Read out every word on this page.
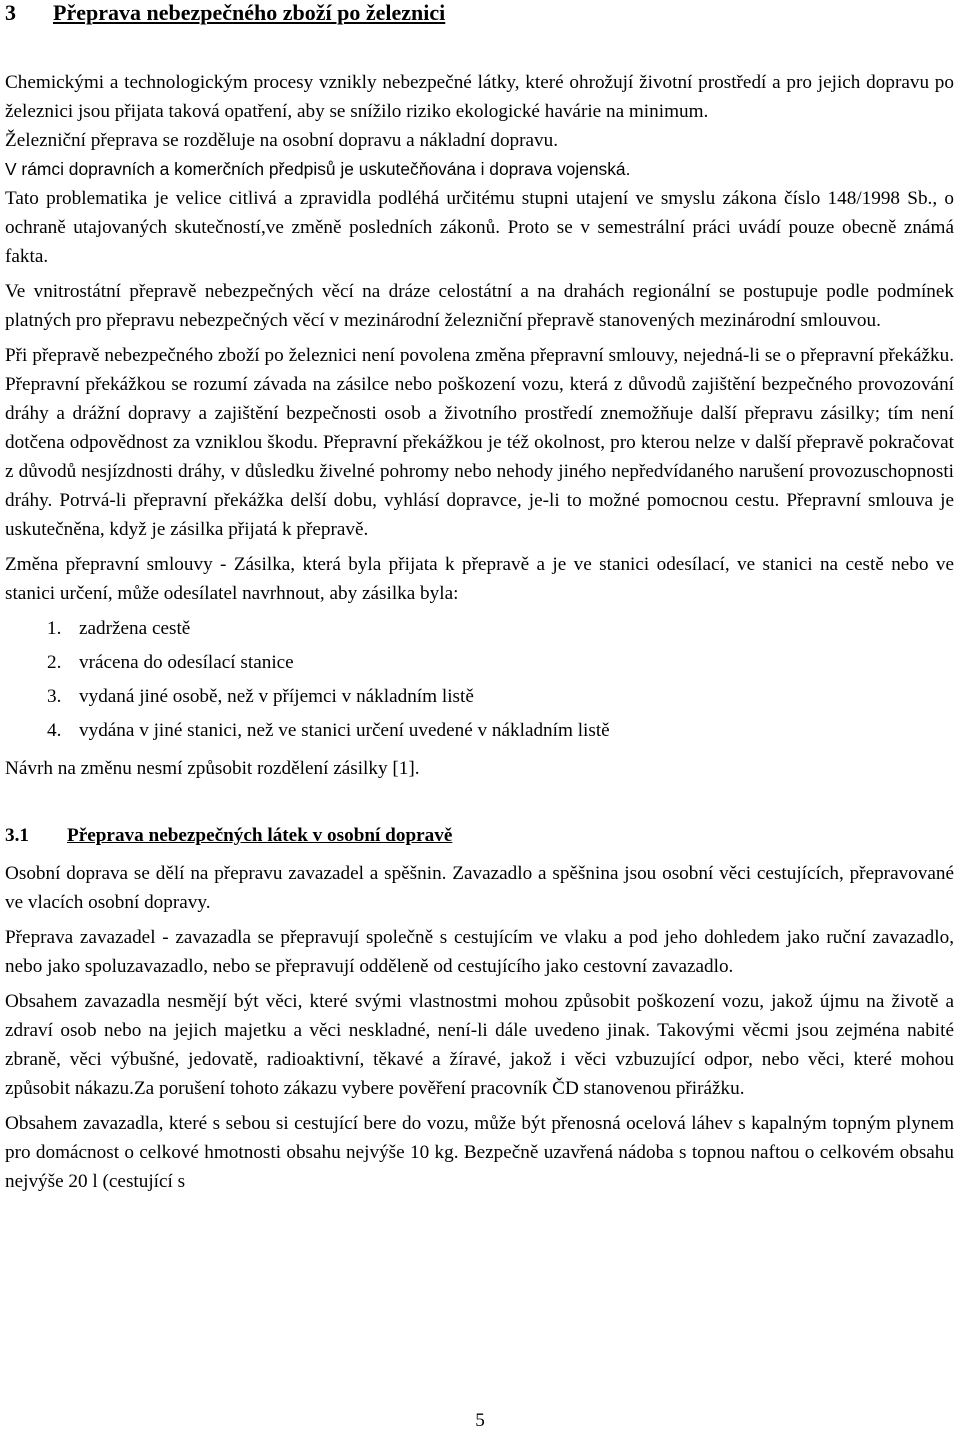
3 Přeprava nebezpečného zboží po železnici

Chemickými a technologickým procesy vznikly nebezpečné látky, které ohrožují životní prostředí a pro jejich dopravu po železnici jsou přijata taková opatření, aby se snížilo riziko ekologické havárie na minimum.

Železniční přeprava se rozděluje na osobní dopravu a nákladní dopravu.

V rámci dopravních a komerčních předpisů je uskutečňována i doprava vojenská.

Tato problematika je velice citlivá a zpravidla podléhá určitému stupni utajení ve smyslu zákona číslo 148/1998 Sb., o ochraně utajovaných skutečností,ve změně posledních zákonů. Proto se v semestrální práci uvádí pouze obecně známá fakta.

Ve vnitrostátní přepravě nebezpečných věcí na dráze celostátní a na drahách regionální se postupuje podle podmínek platných pro přepravu nebezpečných věcí v mezinárodní železniční přepravě stanovených mezinárodní smlouvou.

Při přepravě nebezpečného zboží po železnici není povolena změna přepravní smlouvy, nejedná-li se o přepravní překážku. Přepravní překážkou se rozumí závada na zásilce nebo poškození vozu, která z důvodů zajištění bezpečného provozování dráhy a drážní dopravy a zajištění bezpečnosti osob a životního prostředí znemožňuje další přepravu zásilky; tím není dotčena odpovědnost za vzniklou škodu. Přepravní překážkou je též okolnost, pro kterou nelze v další přepravě pokračovat z důvodů nesjízdnosti dráhy, v důsledku živelné pohromy nebo nehody jiného nepředvídaného narušení provozuschopnosti dráhy. Potrvá-li přepravní překážka delší dobu, vyhlásí dopravce, je-li to možné pomocnou cestu. Přepravní smlouva je uskutečněna, když je zásilka přijatá k přepravě.

Změna přepravní smlouvy - Zásilka, která byla přijata k přepravě a je ve stanici odesílací, ve stanici na cestě nebo ve stanici určení, může odesílatel navrhnout, aby zásilka byla:

1. zadržena cestě
2. vrácena do odesílací stanice
3. vydaná jiné osobě, než v příjemci v nákladním listě
4. vydána v jiné stanici, než ve stanici určení uvedené v nákladním listě

Návrh na změnu nesmí způsobit rozdělení zásilky [1].

3.1 Přeprava nebezpečných látek v osobní dopravě

Osobní doprava se dělí na přepravu zavazadel a spěšnin. Zavazadlo a spěšnina jsou osobní věci cestujících, přepravované ve vlacích osobní dopravy.

Přeprava zavazadel - zavazadla se přepravují společně s cestujícím ve vlaku a pod jeho dohledem jako ruční zavazadlo, nebo jako spoluzavazadlo, nebo se přepravují odděleně od cestujícího jako cestovní zavazadlo.

Obsahem zavazadla nesmějí být věci, které svými vlastnostmi mohou způsobit poškození vozu, jakož újmu na životě a zdraví osob nebo na jejich majetku a věci neskladné, není-li dále uvedeno jinak. Takovými věcmi jsou zejména nabité zbraně, věci výbušné, jedovatě, radioaktivní, těkavé a žíravé, jakož i věci vzbuzující odpor, nebo věci, které mohou způsobit nákazu.Za porušení tohoto zákazu vybere pověření pracovník ČD stanovenou přirážku.

Obsahem zavazadla, které s sebou si cestující bere do vozu, může být přenosná ocelová láhev s kapalným topným plynem pro domácnost o celkové hmotnosti obsahu nejvýše 10 kg. Bezpečně uzavřená nádoba s topnou naftou o celkovém obsahu nejvýše 20 l (cestující s

5
